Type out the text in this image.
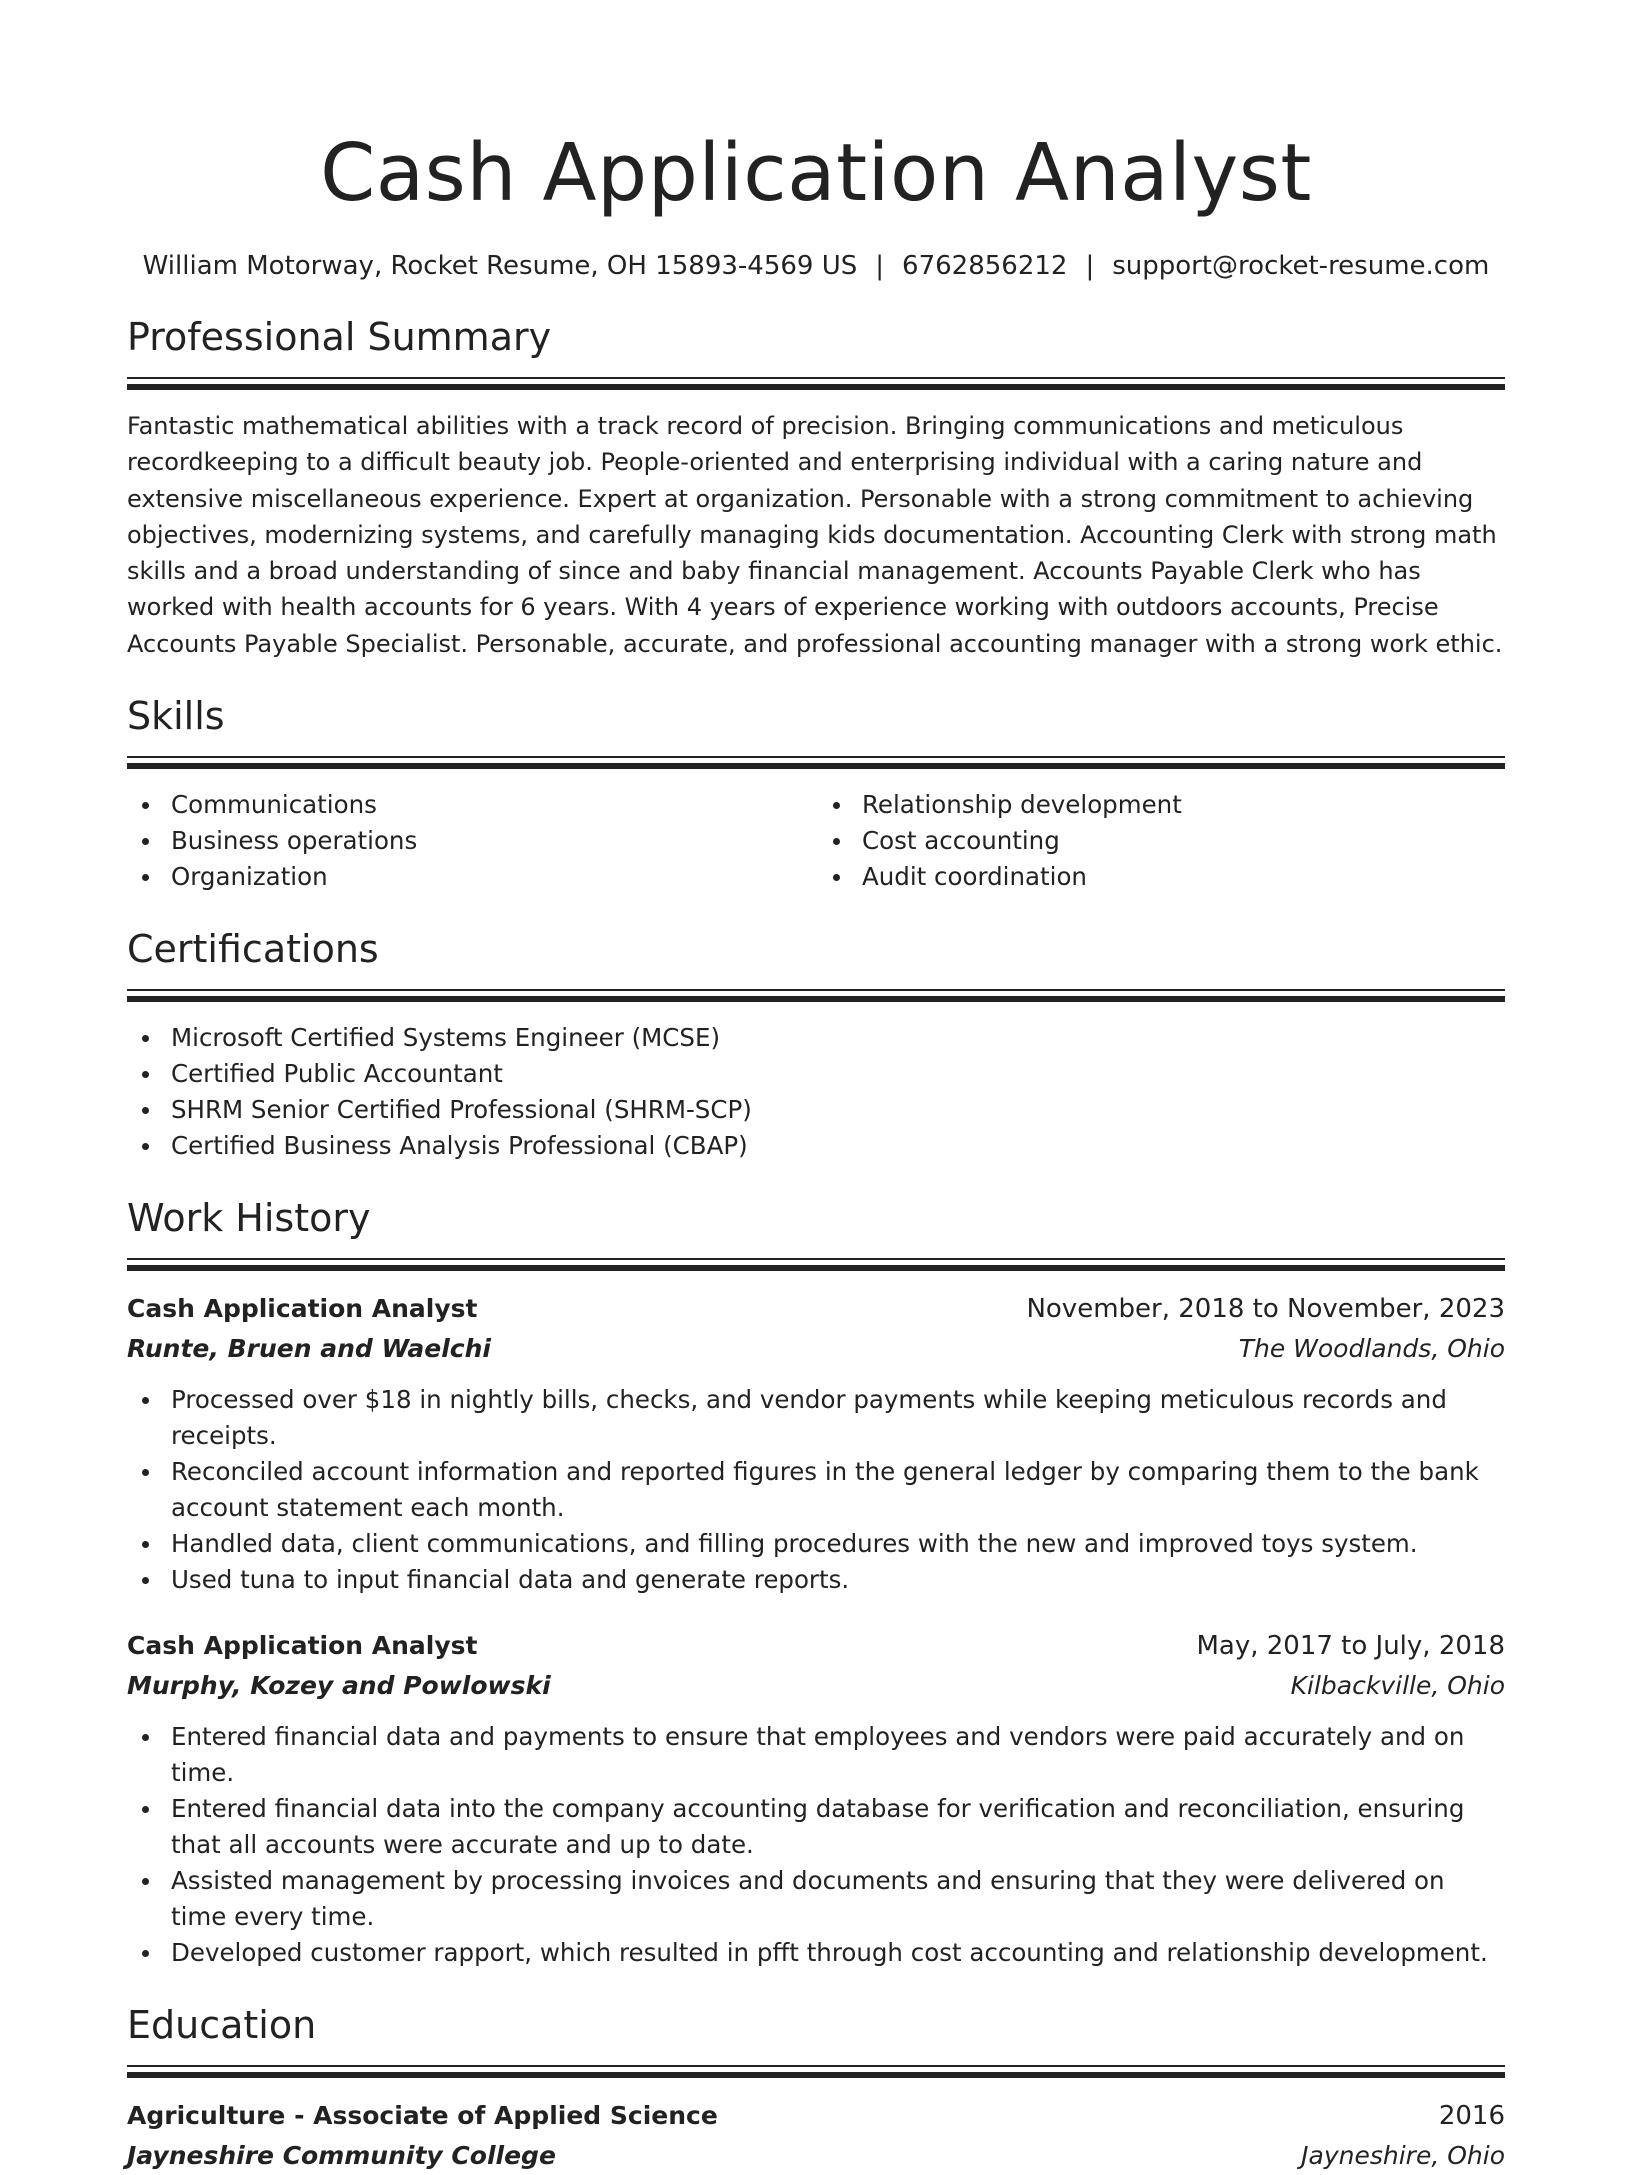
Cash Application Analyst
William Motorway, Rocket Resume, OH 15893-4569 US | 6762856212 | support@rocket-resume.com
Professional Summary

Fantastic mathematical abilities with a track record of precision. Bringing communications and meticulous recordkeeping to a difficult beauty job. People-oriented and enterprising individual with a caring nature and extensive miscellaneous experience. Expert at organization. Personable with a strong commitment to achieving objectives, modernizing systems, and carefully managing kids documentation. Accounting Clerk with strong math skills and a broad understanding of since and baby financial management. Accounts Payable Clerk who has worked with health accounts for 6 years. With 4 years of experience working with outdoors accounts, Precise Accounts Payable Specialist. Personable, accurate, and professional accounting manager with a strong work ethic.

Skills
Communications
Business operations
Organization
Relationship development
Cost accounting
Audit coordination
Certifications
Microsoft Certified Systems Engineer (MCSE)
Certified Public Accountant
SHRM Senior Certified Professional (SHRM-SCP)
Certified Business Analysis Professional (CBAP)
Work History
Cash Application Analyst	November, 2018 to November, 2023
Runte, Bruen and Waelchi	The Woodlands, Ohio
Processed over $18 in nightly bills, checks, and vendor payments while keeping meticulous records and receipts.
Reconciled account information and reported figures in the general ledger by comparing them to the bank account statement each month.
Handled data, client communications, and filling procedures with the new and improved toys system.
Used tuna to input financial data and generate reports.
Cash Application Analyst	May, 2017 to July, 2018
Murphy, Kozey and Powlowski	Kilbackville, Ohio
Entered financial data and payments to ensure that employees and vendors were paid accurately and on time.
Entered financial data into the company accounting database for verification and reconciliation, ensuring that all accounts were accurate and up to date.
Assisted management by processing invoices and documents and ensuring that they were delivered on time every time.
Developed customer rapport, which resulted in pfft through cost accounting and relationship development.
Education
Agriculture - Associate of Applied Science	2016
Jayneshire Community College	Jayneshire, Ohio
